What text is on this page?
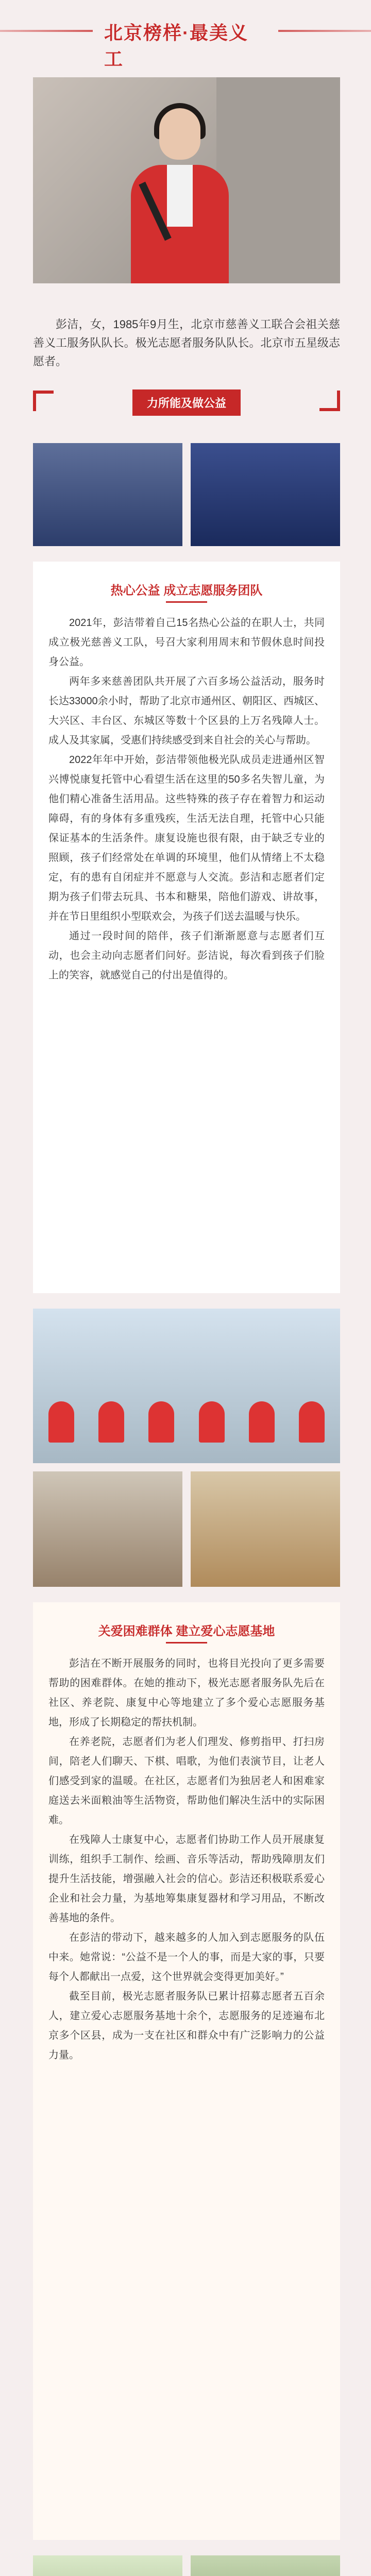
北京榜样·最美义工
彭洁，女，1985年9月生，北京市慈善义工联合会祖关慈善义工服务队队长。极光志愿者服务队队长。北京市五星级志愿者。
力所能及做公益
热心公益 成立志愿服务团队

2021年，彭洁带着自己15名热心公益的在职人士，共同成立极光慈善义工队，号召大家利用周末和节假休息时间投身公益。

两年多来慈善团队共开展了六百多场公益活动，服务时长达33000余小时，帮助了北京市通州区、朝阳区、西城区、大兴区、丰台区、东城区等数十个区县的上万名残障人士。成人及其家属，受惠们持续感受到来自社会的关心与帮助。

2022年年中开始，彭洁带领他极光队成员走进通州区智兴博悦康复托管中心看望生活在这里的50多名失智儿童，为他们精心准备生活用品。这些特殊的孩子存在着智力和运动障碍，有的身体有多重残疾，生活无法自理，托管中心只能保证基本的生活条件。康复设施也很有限，由于缺乏专业的照顾，孩子们经常处在单调的环境里，他们从情绪上不太稳定，有的患有自闭症并不愿意与人交流。彭洁和志愿者们定期为孩子们带去玩具、书本和糖果，陪他们游戏、讲故事，并在节日里组织小型联欢会，为孩子们送去温暖与快乐。

通过一段时间的陪伴，孩子们渐渐愿意与志愿者们互动，也会主动向志愿者们问好。彭洁说，每次看到孩子们脸上的笑容，就感觉自己的付出是值得的。

关爱困难群体 建立爱心志愿基地

彭洁在不断开展服务的同时，也将目光投向了更多需要帮助的困难群体。在她的推动下，极光志愿者服务队先后在社区、养老院、康复中心等地建立了多个爱心志愿服务基地，形成了长期稳定的帮扶机制。

在养老院，志愿者们为老人们理发、修剪指甲、打扫房间，陪老人们聊天、下棋、唱歌，为他们表演节目，让老人们感受到家的温暖。在社区，志愿者们为独居老人和困难家庭送去米面粮油等生活物资，帮助他们解决生活中的实际困难。

在残障人士康复中心，志愿者们协助工作人员开展康复训练，组织手工制作、绘画、音乐等活动，帮助残障朋友们提升生活技能，增强融入社会的信心。彭洁还积极联系爱心企业和社会力量，为基地筹集康复器材和学习用品，不断改善基地的条件。

在彭洁的带动下，越来越多的人加入到志愿服务的队伍中来。她常说：“公益不是一个人的事，而是大家的事，只要每个人都献出一点爱，这个世界就会变得更加美好。”

截至目前，极光志愿者服务队已累计招募志愿者五百余人，建立爱心志愿服务基地十余个，志愿服务的足迹遍布北京多个区县，成为一支在社区和群众中有广泛影响力的公益力量。
